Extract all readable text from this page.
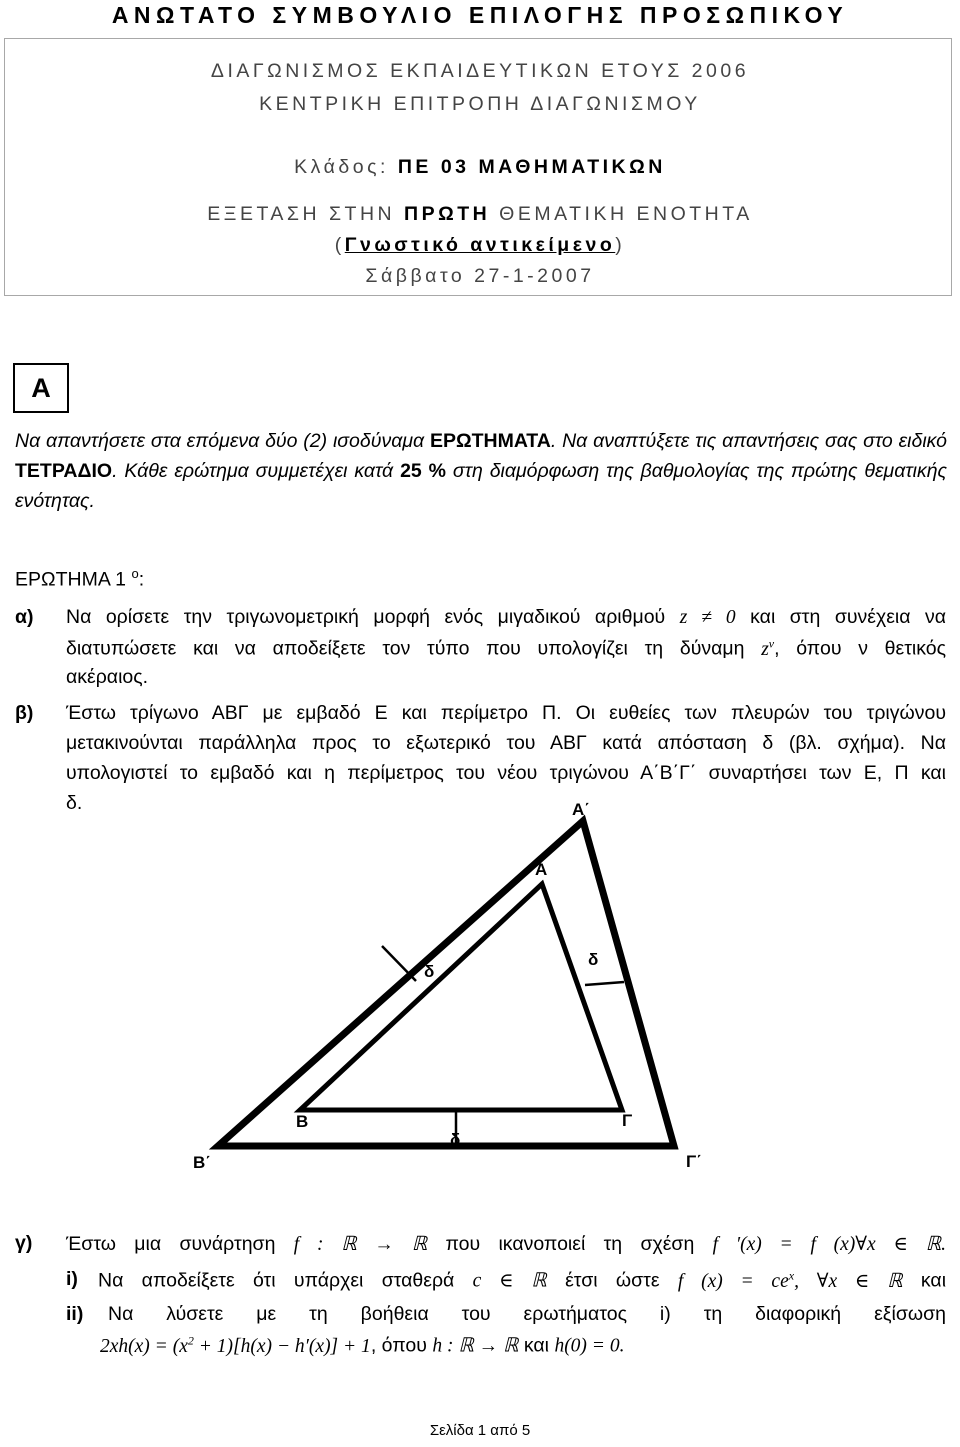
ΑΝΩΤΑΤΟ ΣΥΜΒΟΥΛΙΟ ΕΠΙΛΟΓΗΣ ΠΡΟΣΩΠΙΚΟΥ
ΔΙΑΓΩΝΙΣΜΟΣ ΕΚΠΑΙΔΕΥΤΙΚΩΝ ΕΤΟΥΣ 2006
ΚΕΝΤΡΙΚΗ ΕΠΙΤΡΟΠΗ ΔΙΑΓΩΝΙΣΜΟΥ
Κλάδος: ΠΕ 03 ΜΑΘΗΜΑΤΙΚΩΝ
ΕΞΕΤΑΣΗ ΣΤΗΝ ΠΡΩΤΗ ΘΕΜΑΤΙΚΗ ΕΝΟΤΗΤΑ
(Γνωστικό αντικείμενο)
Σάββατο 27-1-2007
Α
Να απαντήσετε στα επόμενα δύο (2) ισοδύναμα ΕΡΩΤΗΜΑΤΑ. Να αναπτύξετε τις απαντήσεις σας στο ειδικό ΤΕΤΡΑΔΙΟ. Κάθε ερώτημα συμμετέχει κατά 25 % στη διαμόρφωση της βαθμολογίας της πρώτης θεματικής ενότητας.
ΕΡΩΤΗΜΑ 1 $^o$:
α) Να ορίσετε την τριγωνομετρική μορφή ενός μιγαδικού αριθμού z ≠ 0 και στη συνέχεια να
διατυπώσετε και να αποδείξετε τον τύπο που υπολογίζει τη δύναμη $z^\nu$, όπου ν θετικός
ακέραιος.
β) Έστω τρίγωνο ΑΒΓ με εμβαδό Ε και περίμετρο Π. Οι ευθείες των πλευρών του τριγώνου
μετακινούνται παράλληλα προς το εξωτερικό του ΑΒΓ κατά απόσταση δ (βλ. σχήμα). Να
υπολογιστεί το εμβαδό και η περίμετρος του νέου τριγώνου Α΄Β΄Γ΄ συναρτήσει των Ε, Π και
δ.	Α΄
Β΄	Γ΄
Α
Β	Γ
δ
δ
δ
γ) Έστω μια συνάρτηση f : ℝ → ℝ που ικανοποιεί τη σχέση f ′(x) = f (x)∀x ∈ ℝ.
i) Να αποδείξετε ότι υπάρχει σταθερά c ∈ ℝ έτσι ώστε f $(x) = ce^x$, ∀x ∈ ℝ και
ii) Να λύσετε με τη βοήθεια του ερωτήματος i) τη διαφορική εξίσωση
$2xh(x) = (x^2 + 1)[h(x) - h'(x)] + 1$, όπου h : ℝ → ℝ και h(0) = 0.
Σελίδα 1 από 5
